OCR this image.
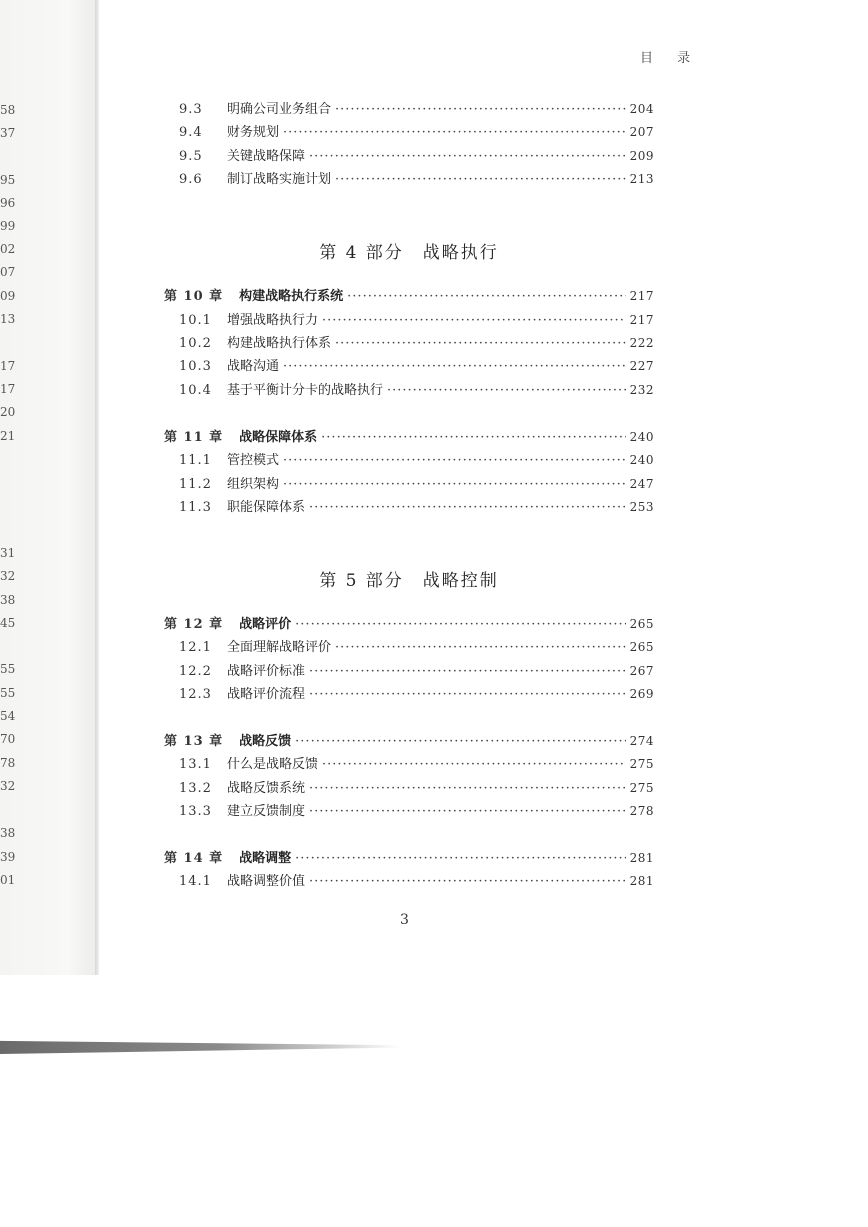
58
37
95
96
99
02
07
09
13
17
17
20
21
31
32
38
45
55
55
54
70
78
32
38
39
01
目 录
9.3	明确公司业务组合 ·····	204
9.4	财务规划 ·····	207
9.5	关键战略保障 ·····	209
9.6	制订战略实施计划 ·····	213
第 4 部分　战略执行
第 10 章 构建战略执行系统 ·····	217
10.1	增强战略执行力 ·····	217
10.2	构建战略执行体系 ·····	222
10.3	战略沟通 ·····	227
10.4	基于平衡计分卡的战略执行 ·····	232
第 11 章 战略保障体系 ·····	240
11.1	管控模式 ·····	240
11.2	组织架构 ·····	247
11.3	职能保障体系 ·····	253
第 5 部分　战略控制
第 12 章 战略评价 ·····	265
12.1	全面理解战略评价 ·····	265
12.2	战略评价标准 ·····	267
12.3	战略评价流程 ·····	269
第 13 章 战略反馈 ·····	274
13.1	什么是战略反馈 ·····	275
13.2	战略反馈系统 ·····	275
13.3	建立反馈制度 ·····	278
第 14 章 战略调整 ·····	281
14.1	战略调整价值 ·····	281
3
